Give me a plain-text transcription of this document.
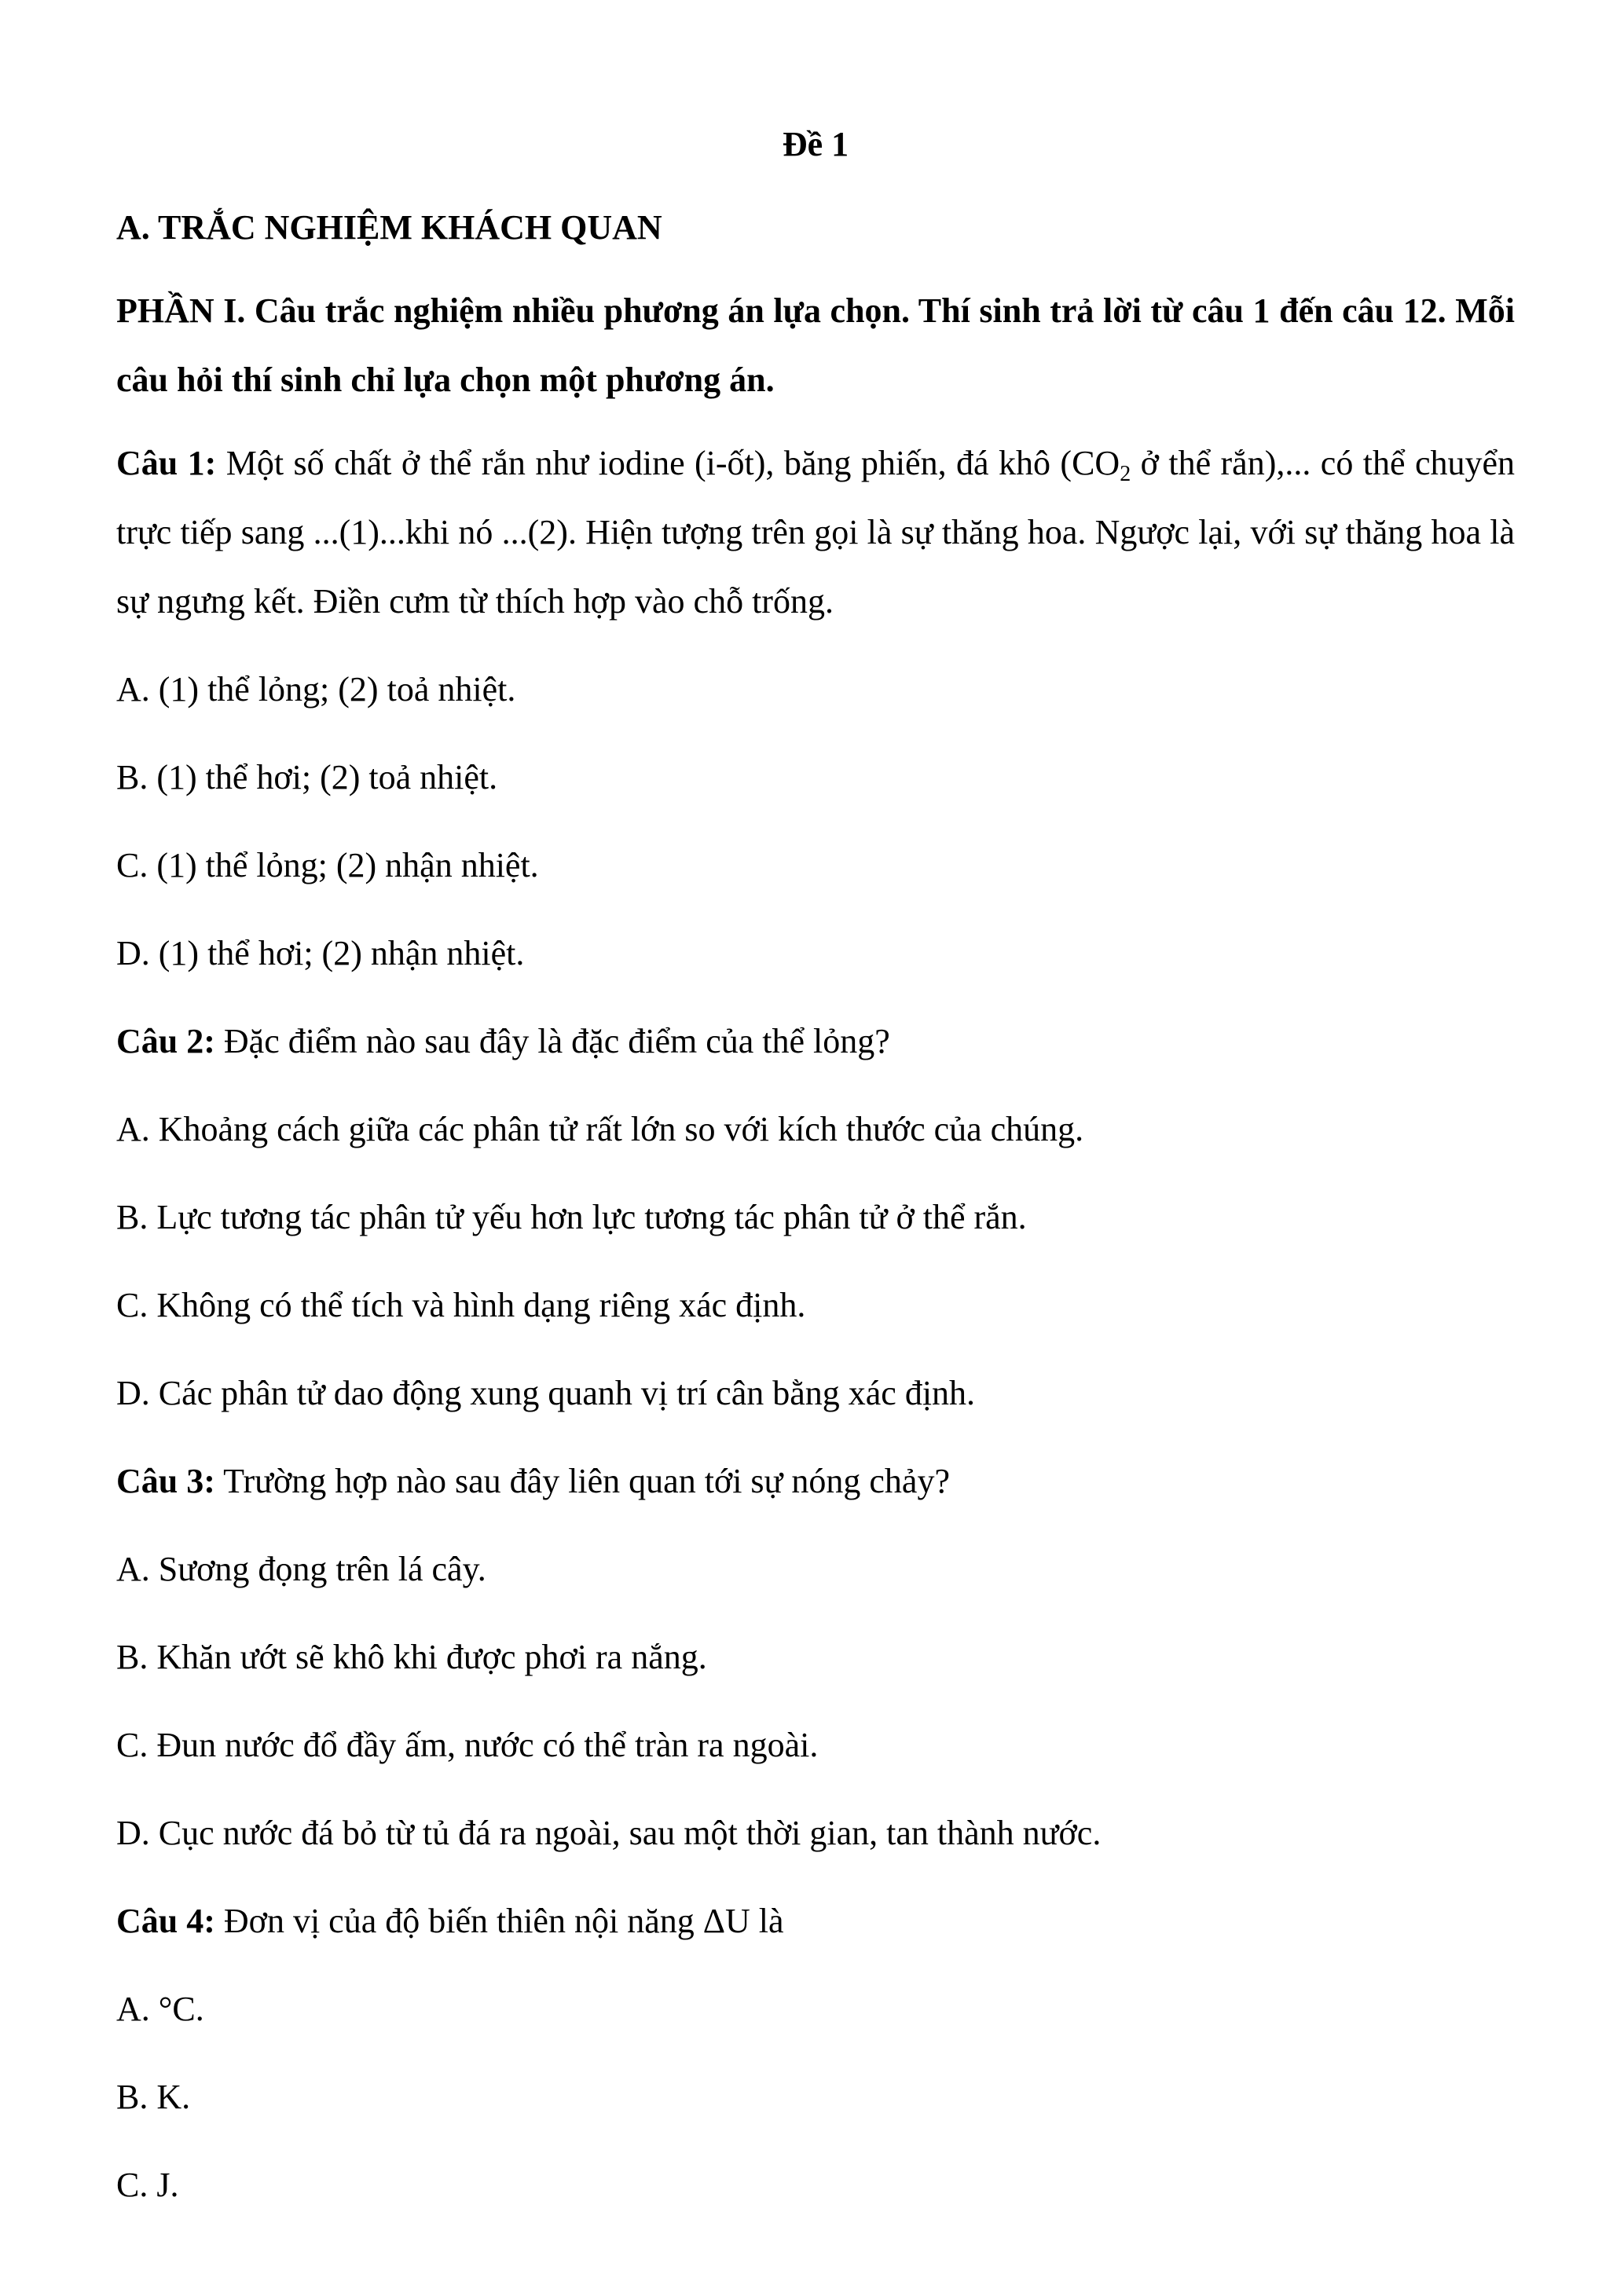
Đề 1
A. TRẮC NGHIỆM KHÁCH QUAN
PHẦN I. Câu trắc nghiệm nhiều phương án lựa chọn. Thí sinh trả lời từ câu 1 đến câu 12. Mỗi câu hỏi thí sinh chỉ lựa chọn một phương án.
Câu 1: Một số chất ở thể rắn như iodine (i-ốt), băng phiến, đá khô ($CO_2$ ở thể rắn),... có thể chuyển trực tiếp sang ...(1)...khi nó ...(2). Hiện tượng trên gọi là sự thăng hoa. Ngược lại, với sự thăng hoa là sự ngưng kết. Điền cưm từ thích hợp vào chỗ trống.
A. (1) thể lỏng; (2) toả nhiệt.
B. (1) thể hơi; (2) toả nhiệt.
C. (1) thể lỏng; (2) nhận nhiệt.
D. (1) thể hơi; (2) nhận nhiệt.
Câu 2: Đặc điểm nào sau đây là đặc điểm của thể lỏng?
A. Khoảng cách giữa các phân tử rất lớn so với kích thước của chúng.
B. Lực tương tác phân tử yếu hơn lực tương tác phân tử ở thể rắn.
C. Không có thể tích và hình dạng riêng xác định.
D. Các phân tử dao động xung quanh vị trí cân bằng xác định.
Câu 3: Trường hợp nào sau đây liên quan tới sự nóng chảy?
A. Sương đọng trên lá cây.
B. Khăn ướt sẽ khô khi được phơi ra nắng.
C. Đun nước đổ đầy ấm, nước có thể tràn ra ngoài.
D. Cục nước đá bỏ từ tủ đá ra ngoài, sau một thời gian, tan thành nước.
Câu 4: Đơn vị của độ biến thiên nội năng ΔU là
A. °C.
B. K.
C. J.
